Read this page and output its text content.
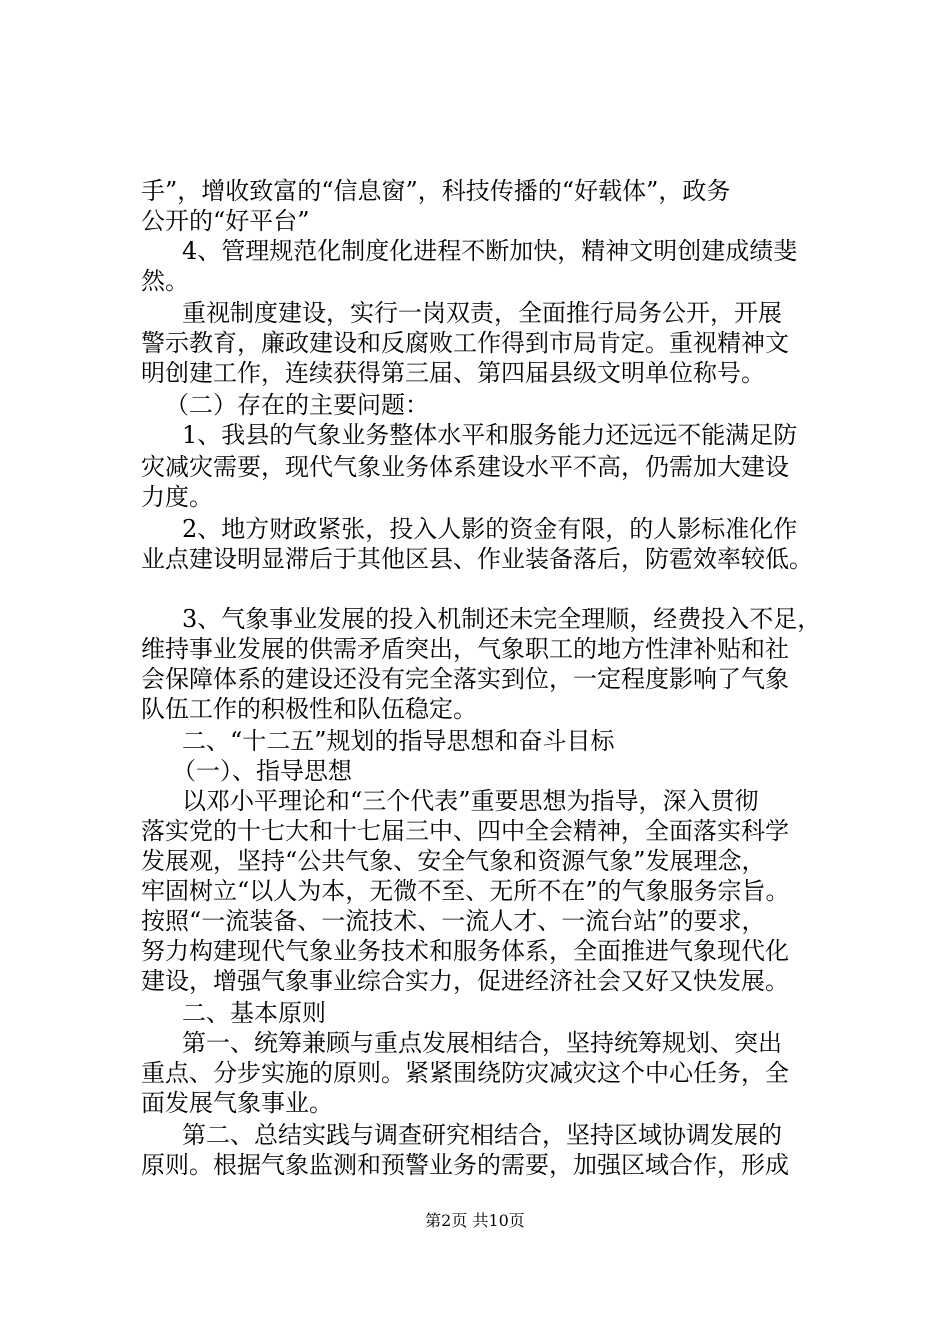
手”，增收致富的“信息窗”，科技传播的“好载体”，政务

公开的“好平台”

4、管理规范化制度化进程不断加快，精神文明创建成绩斐

然。

重视制度建设，实行一岗双责，全面推行局务公开，开展

警示教育，廉政建设和反腐败工作得到市局肯定。重视精神文

明创建工作，连续获得第三届、第四届县级文明单位称号。

（二）存在的主要问题：

1、我县的气象业务整体水平和服务能力还远远不能满足防

灾减灾需要，现代气象业务体系建设水平不高，仍需加大建设

力度。

2、地方财政紧张，投入人影的资金有限，的人影标准化作

业点建设明显滞后于其他区县、作业装备落后，防雹效率较低。

3、气象事业发展的投入机制还未完全理顺，经费投入不足，

维持事业发展的供需矛盾突出，气象职工的地方性津补贴和社

会保障体系的建设还没有完全落实到位，一定程度影响了气象

队伍工作的积极性和队伍稳定。

二、“十二五”规划的指导思想和奋斗目标

（一）、指导思想

以邓小平理论和“三个代表”重要思想为指导，深入贯彻

落实党的十七大和十七届三中、四中全会精神，全面落实科学

发展观，坚持“公共气象、安全气象和资源气象”发展理念，

牢固树立“以人为本，无微不至、无所不在”的气象服务宗旨。

按照“一流装备、一流技术、一流人才、一流台站”的要求，

努力构建现代气象业务技术和服务体系，全面推进气象现代化

建设，增强气象事业综合实力，促进经济社会又好又快发展。

二、基本原则

第一、统筹兼顾与重点发展相结合，坚持统筹规划、突出

重点、分步实施的原则。紧紧围绕防灾减灾这个中心任务，全

面发展气象事业。

第二、总结实践与调查研究相结合，坚持区域协调发展的

原则。根据气象监测和预警业务的需要，加强区域合作，形成

第2页 共10页
